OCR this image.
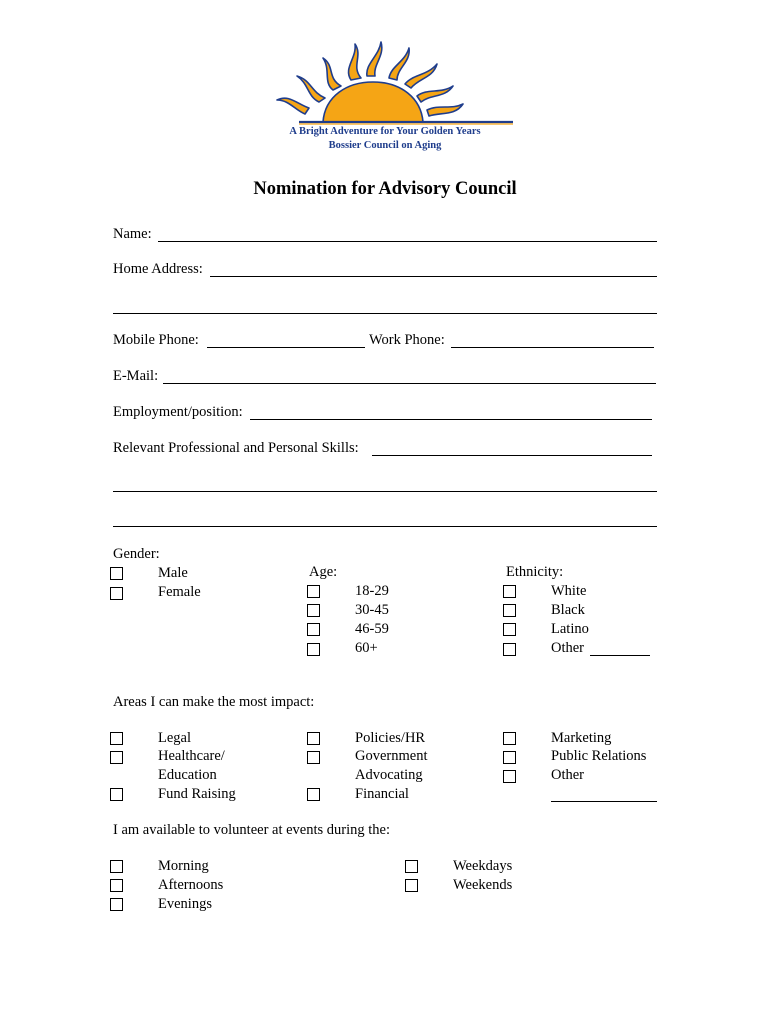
A Bright Adventure for Your Golden Years
Bossier Council on Aging
Nomination for Advisory Council
Name:
Home Address:
Mobile Phone:	Work Phone:
E-Mail:
Employment/position:
Relevant Professional and Personal Skills:
Gender:
Male
Female
Age:
18-29
30-45
46-59
60+
Ethnicity:
White
Black
Latino
Other
Areas I can make the most impact:
Legal
Healthcare/
Education
Fund Raising
Policies/HR
Government
Advocating
Financial
Marketing
Public Relations
Other
I am available to volunteer at events during the:
Morning
Afternoons
Evenings
Weekdays
Weekends
